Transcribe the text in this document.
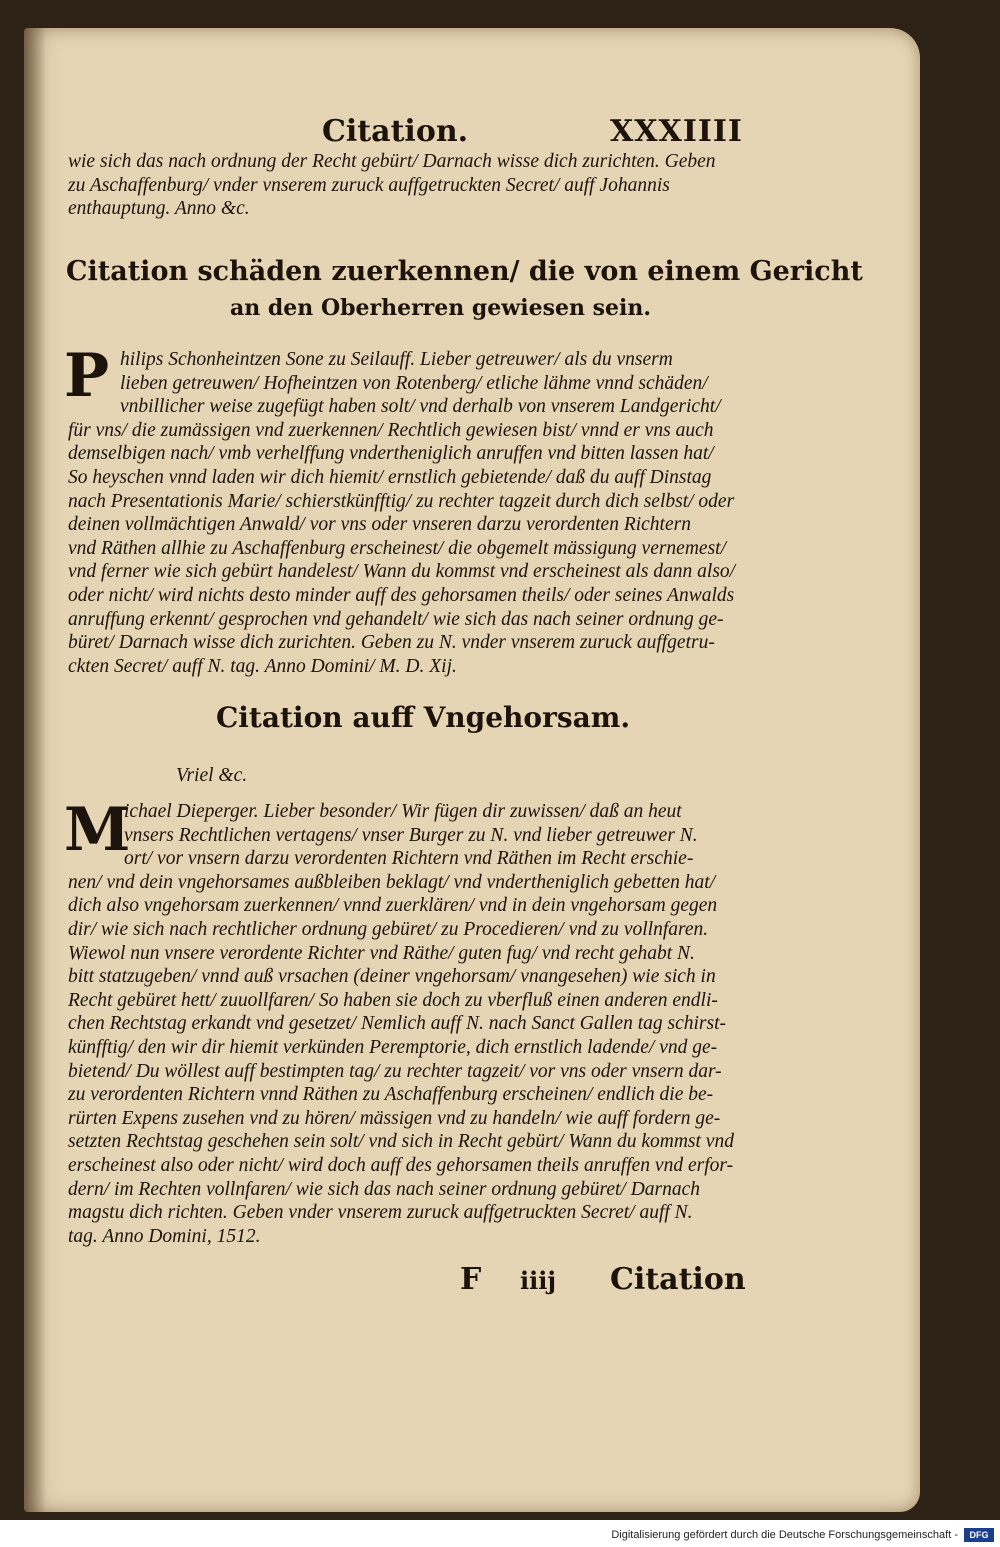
Citation.	XXXIIII
wie sich das nach ordnung der Recht gebürt/ Darnach wisse dich zurichten. Geben
zu Aschaffenburg/ vnder vnserem zuruck auffgetruckten Secret/ auff Johannis
enthauptung. Anno &c.
Citation schäden zuerkennen/ die von einem Gericht
an den Oberherren gewiesen sein.
P hilips Schonheintzen Sone zu Seilauff. Lieber getreuwer/ als du vnserm
lieben getreuwen/ Hofheintzen von Rotenberg/ etliche lähme vnnd schäden/
vnbillicher weise zugefügt haben solt/ vnd derhalb von vnserem Landgericht/
für vns/ die zumässigen vnd zuerkennen/ Rechtlich gewiesen bist/ vnnd er vns auch
demselbigen nach/ vmb verhelffung vndertheniglich anruffen vnd bitten lassen hat/
So heyschen vnnd laden wir dich hiemit/ ernstlich gebietende/ daß du auff Dinstag
nach Presentationis Marie/ schierstkünfftig/ zu rechter tagzeit durch dich selbst/ oder
deinen vollmächtigen Anwald/ vor vns oder vnseren darzu verordenten Richtern
vnd Räthen allhie zu Aschaffenburg erscheinest/ die obgemelt mässigung vernemest/
vnd ferner wie sich gebürt handelest/ Wann du kommst vnd erscheinest als dann also/
oder nicht/ wird nichts desto minder auff des gehorsamen theils/ oder seines Anwalds
anruffung erkennt/ gesprochen vnd gehandelt/ wie sich das nach seiner ordnung ge-
büret/ Darnach wisse dich zurichten. Geben zu N. vnder vnserem zuruck auffgetru-
ckten Secret/ auff N. tag. Anno Domini/ M. D. Xij.
Citation auff Vngehorsam.
Vriel &c.
M
ichael Dieperger. Lieber besonder/ Wir fügen dir zuwissen/ daß an heut
vnsers Rechtlichen vertagens/ vnser Burger zu N. vnd lieber getreuwer N.
ort/ vor vnsern darzu verordenten Richtern vnd Räthen im Recht erschie-
nen/ vnd dein vngehorsames außbleiben beklagt/ vnd vndertheniglich gebetten hat/
dich also vngehorsam zuerkennen/ vnnd zuerklären/ vnd in dein vngehorsam gegen
dir/ wie sich nach rechtlicher ordnung gebüret/ zu Procedieren/ vnd zu vollnfaren.
Wiewol nun vnsere verordente Richter vnd Räthe/ guten fug/ vnd recht gehabt N.
bitt statzugeben/ vnnd auß vrsachen (deiner vngehorsam/ vnangesehen) wie sich in
Recht gebüret hett/ zuuollfaren/ So haben sie doch zu vberfluß einen anderen endli-
chen Rechtstag erkandt vnd gesetzet/ Nemlich auff N. nach Sanct Gallen tag schirst-
künfftig/ den wir dir hiemit verkünden Peremptorie, dich ernstlich ladende/ vnd ge-
bietend/ Du wöllest auff bestimpten tag/ zu rechter tagzeit/ vor vns oder vnsern dar-
zu verordenten Richtern vnnd Räthen zu Aschaffenburg erscheinen/ endlich die be-
rürten Expens zusehen vnd zu hören/ mässigen vnd zu handeln/ wie auff fordern ge-
setzten Rechtstag geschehen sein solt/ vnd sich in Recht gebürt/ Wann du kommst vnd
erscheinest also oder nicht/ wird doch auff des gehorsamen theils anruffen vnd erfor-
dern/ im Rechten vollnfaren/ wie sich das nach seiner ordnung gebüret/ Darnach
magstu dich richten. Geben vnder vnserem zuruck auffgetruckten Secret/ auff N.
tag. Anno Domini, 1512.
F iiij Citation
Digitalisierung gefördert durch die Deutsche Forschungsgemeinschaft -	DFG
